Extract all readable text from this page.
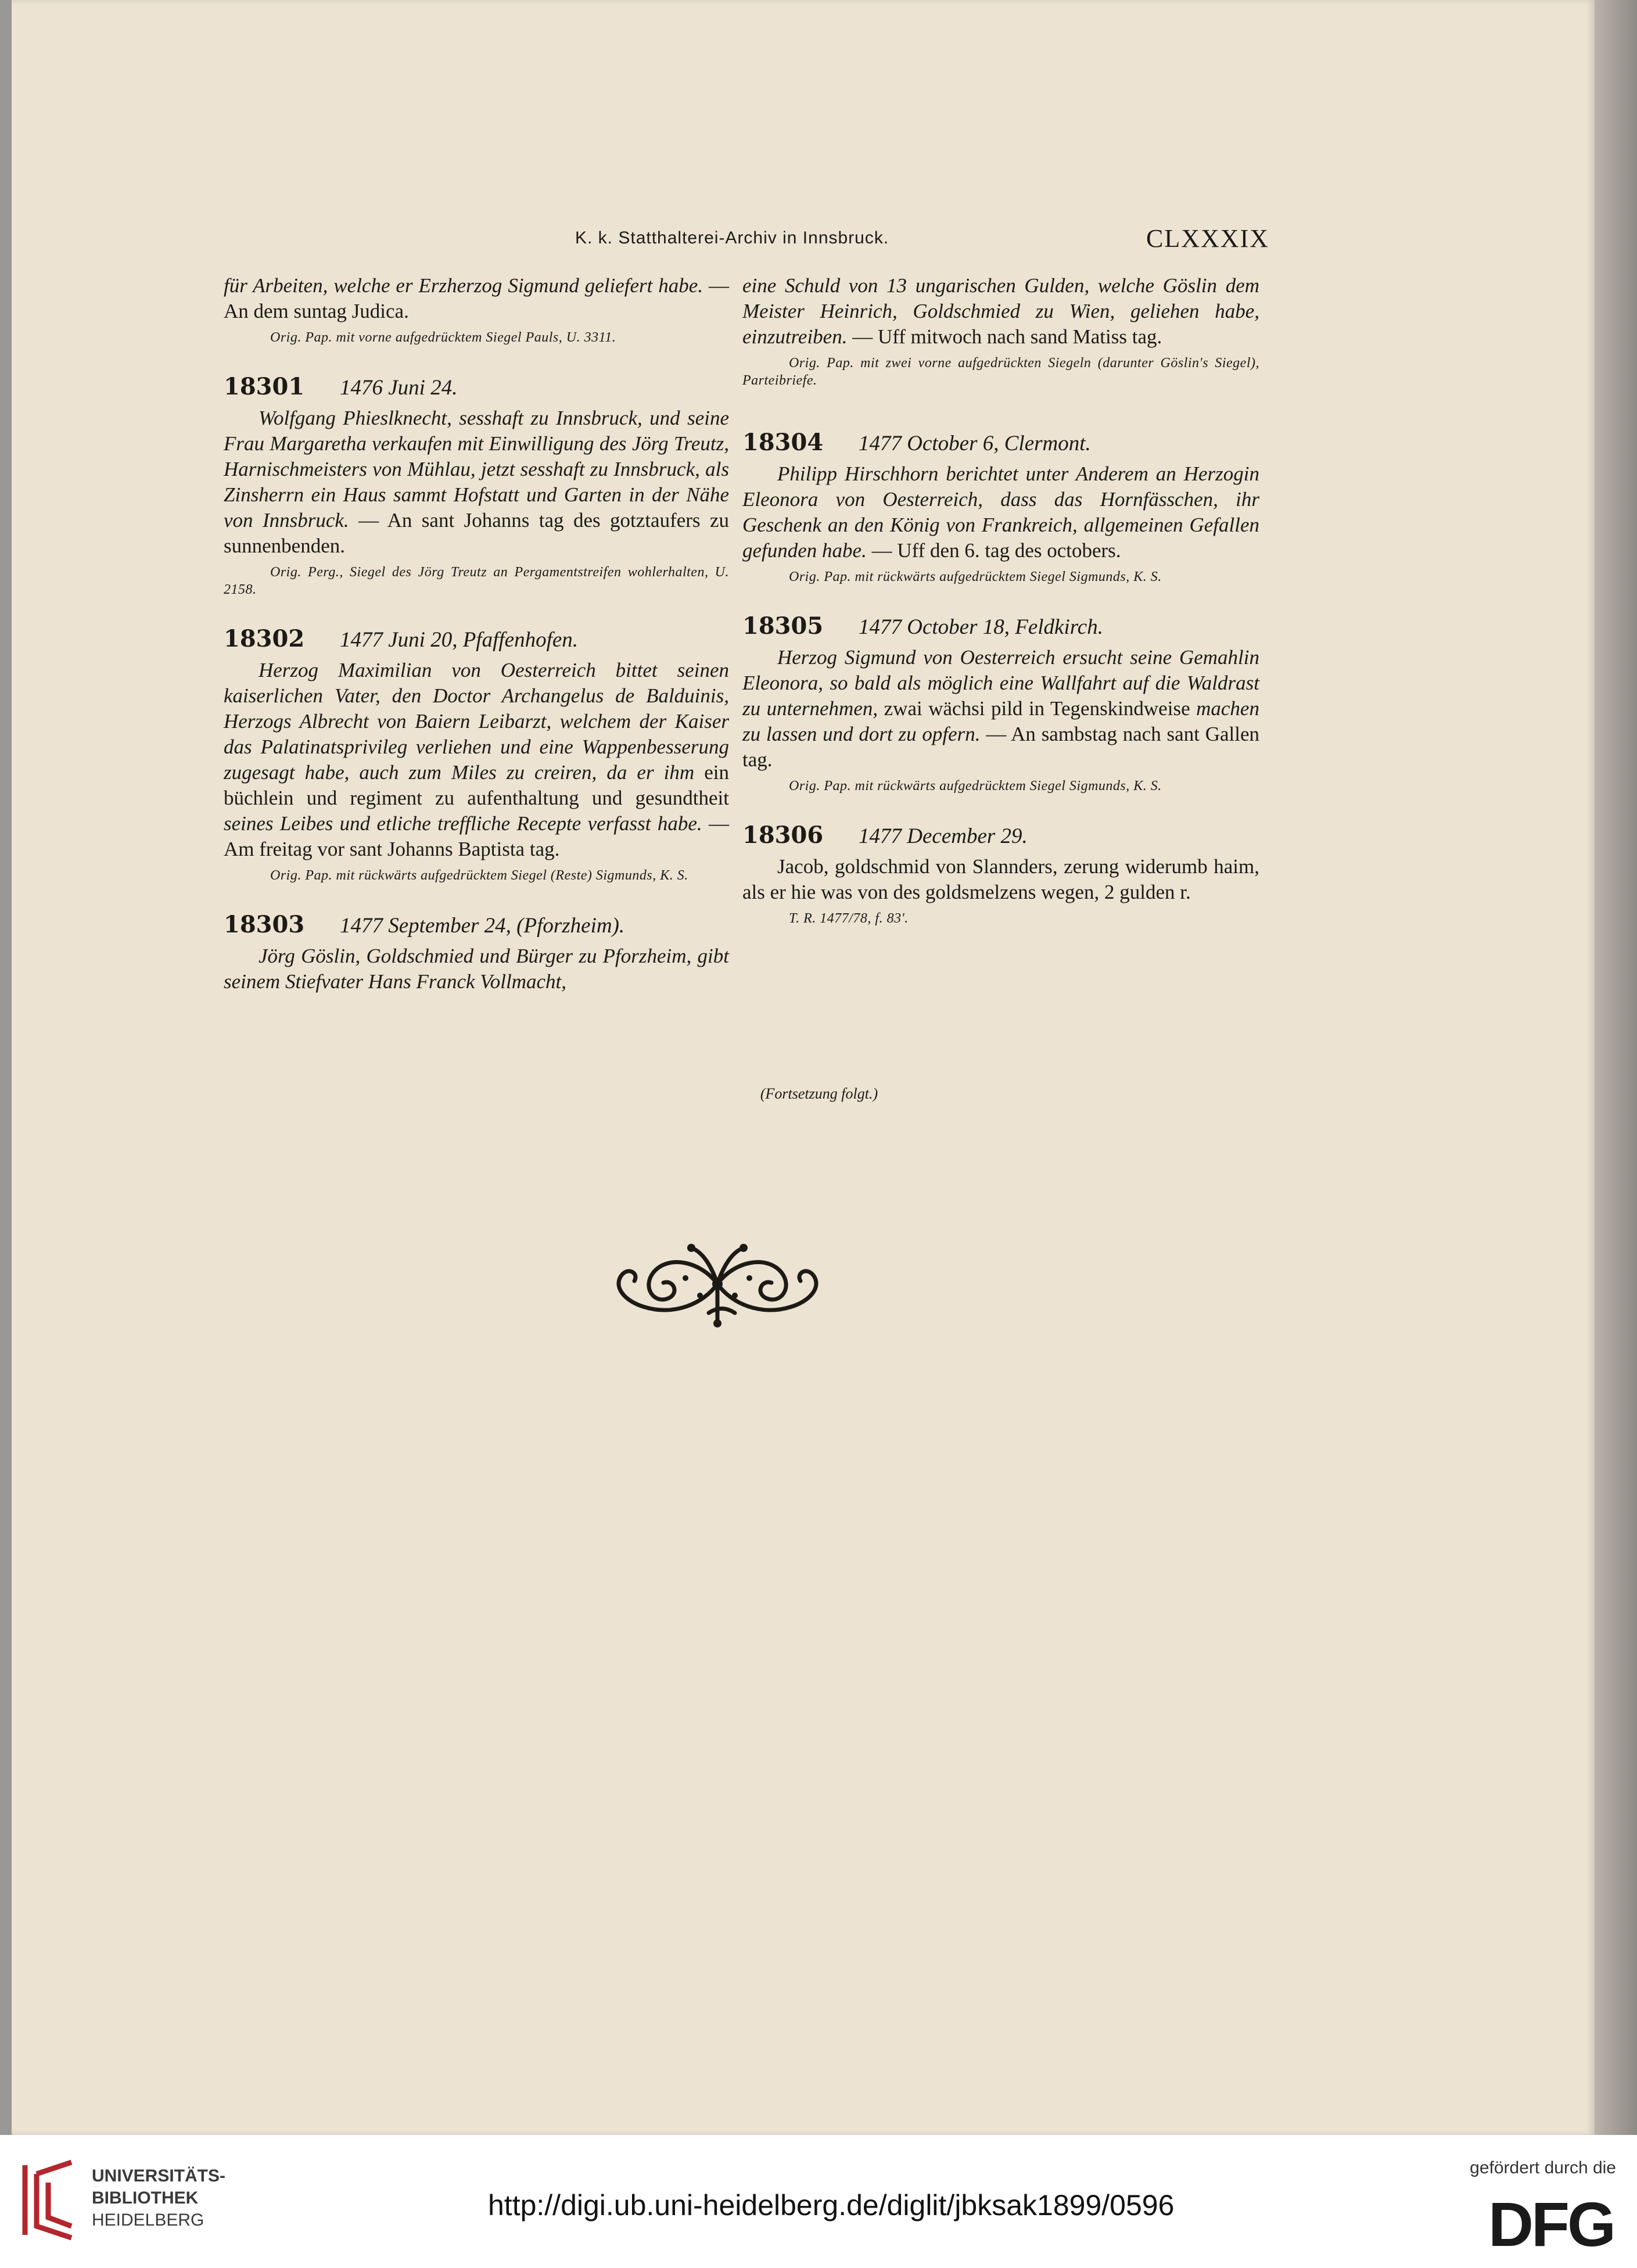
K. k. Statthalterei-Archiv in Innsbruck.	CLXXXIX

für Arbeiten, welche er Erzherzog Sigmund geliefert habe. — An dem suntag Judica.

Orig. Pap. mit vorne aufgedrücktem Siegel Pauls, U. 3311.

18301	1476 Juni 24.

Wolfgang Phieslknecht, sesshaft zu Innsbruck, und seine Frau Margaretha verkaufen mit Einwilligung des Jörg Treutz, Harnischmeisters von Mühlau, jetzt sesshaft zu Innsbruck, als Zinsherrn ein Haus sammt Hofstatt und Garten in der Nähe von Innsbruck. — An sant Johanns tag des gotztaufers zu sunnenbenden.

Orig. Perg., Siegel des Jörg Treutz an Pergamentstreifen wohlerhalten, U. 2158.

18302	1477 Juni 20, Pfaffenhofen.

Herzog Maximilian von Oesterreich bittet seinen kaiserlichen Vater, den Doctor Archangelus de Balduinis, Herzogs Albrecht von Baiern Leibarzt, welchem der Kaiser das Palatinatsprivileg verliehen und eine Wappenbesserung zugesagt habe, auch zum Miles zu creiren, da er ihm ein büchlein und regiment zu aufenthaltung und gesundtheit seines Leibes und etliche treffliche Recepte verfasst habe. — Am freitag vor sant Johanns Baptista tag.

Orig. Pap. mit rückwärts aufgedrücktem Siegel (Reste) Sigmunds, K. S.

18303	1477 September 24, (Pforzheim).

Jörg Göslin, Goldschmied und Bürger zu Pforzheim, gibt seinem Stiefvater Hans Franck Vollmacht,

eine Schuld von 13 ungarischen Gulden, welche Göslin dem Meister Heinrich, Goldschmied zu Wien, geliehen habe, einzutreiben. — Uff mitwoch nach sand Matiss tag.

Orig. Pap. mit zwei vorne aufgedrückten Siegeln (darunter Göslin's Siegel), Parteibriefe.

18304	1477 October 6, Clermont.

Philipp Hirschhorn berichtet unter Anderem an Herzogin Eleonora von Oesterreich, dass das Hornfässchen, ihr Geschenk an den König von Frankreich, allgemeinen Gefallen gefunden habe. — Uff den 6. tag des octobers.

Orig. Pap. mit rückwärts aufgedrücktem Siegel Sigmunds, K. S.

18305	1477 October 18, Feldkirch.

Herzog Sigmund von Oesterreich ersucht seine Gemahlin Eleonora, so bald als möglich eine Wallfahrt auf die Waldrast zu unternehmen, zwai wächsi pild in Tegenskindweise machen zu lassen und dort zu opfern. — An sambstag nach sant Gallen tag.

Orig. Pap. mit rückwärts aufgedrücktem Siegel Sigmunds, K. S.

18306	1477 December 29.

Jacob, goldschmid von Slannders, zerung widerumb haim, als er hie was von des goldsmelzens wegen, 2 gulden r.

T. R. 1477/78, f. 83'.

(Fortsetzung folgt.)
UNIVERSITÄTS-
BIBLIOTHEK
HEIDELBERG	http://digi.ub.uni-heidelberg.de/diglit/jbksak1899/0596
gefördert durch die
DFG
